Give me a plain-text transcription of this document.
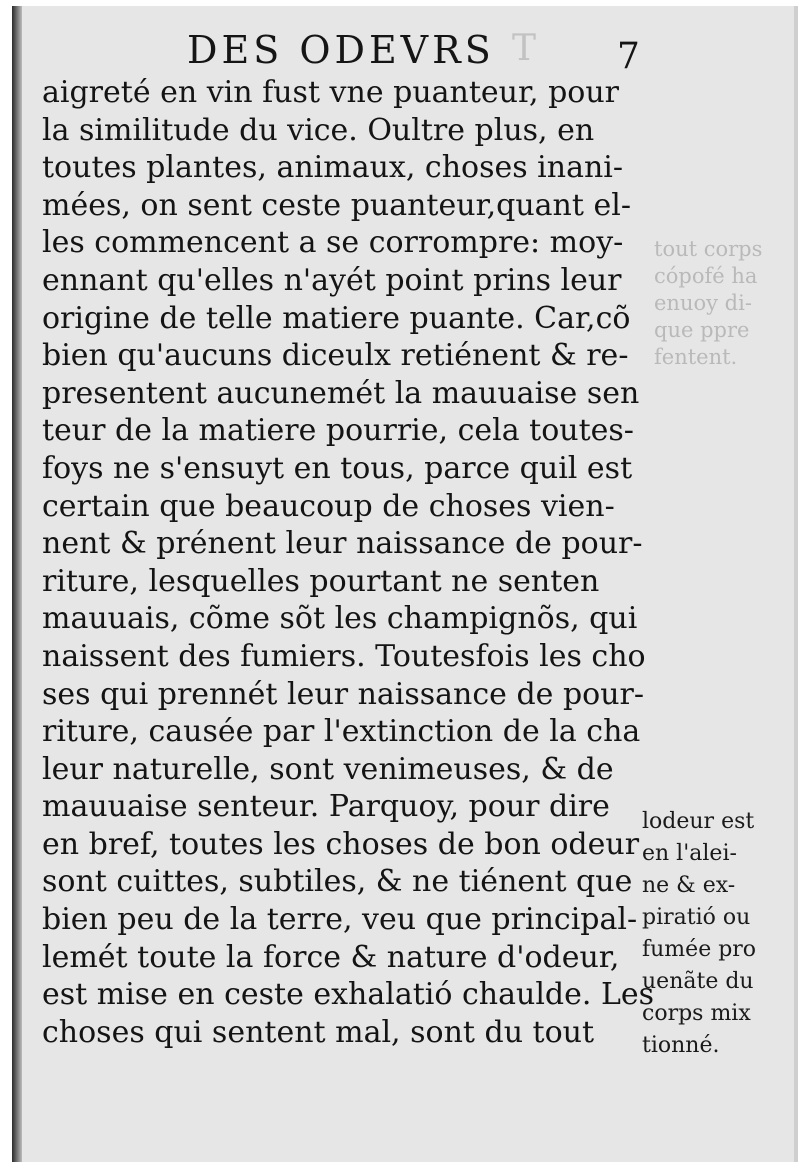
T
tout corps
cópofé ha
enuoy di-
que ppre
fentent.
DES ODEVRS	7
aigreté en vin fust vne puanteur, pour
la similitude du vice. Oultre plus, en
toutes plantes, animaux, choses inani-
mées, on sent ceste puanteur,quant el-
les commencent a se corrompre: moy-
ennant qu'elles n'ayét point prins leur
origine de telle matiere puante. Car,cõ
bien qu'aucuns diceulx retiénent & re-
presentent aucunemét la mauuaise sen
teur de la matiere pourrie, cela toutes-
foys ne s'ensuyt en tous, parce quil est
certain que beaucoup de choses vien-
nent & prénent leur naissance de pour-
riture, lesquelles pourtant ne senten
mauuais, cõme sõt les champignõs, qui
naissent des fumiers. Toutesfois les cho
ses qui prennét leur naissance de pour-
riture, causée par l'extinction de la cha
leur naturelle, sont venimeuses, & de
mauuaise senteur. Parquoy, pour dire
en bref, toutes les choses de bon odeur
sont cuittes, subtiles, & ne tiénent que
bien peu de la terre, veu que principal-
lemét toute la force & nature d'odeur,
est mise en ceste exhalatió chaulde. Les
choses qui sentent mal, sont du tout
lodeur est
en l'alei-
ne & ex-
piratió ou
fumée pro
uenãte du
corps mix
tionné.
